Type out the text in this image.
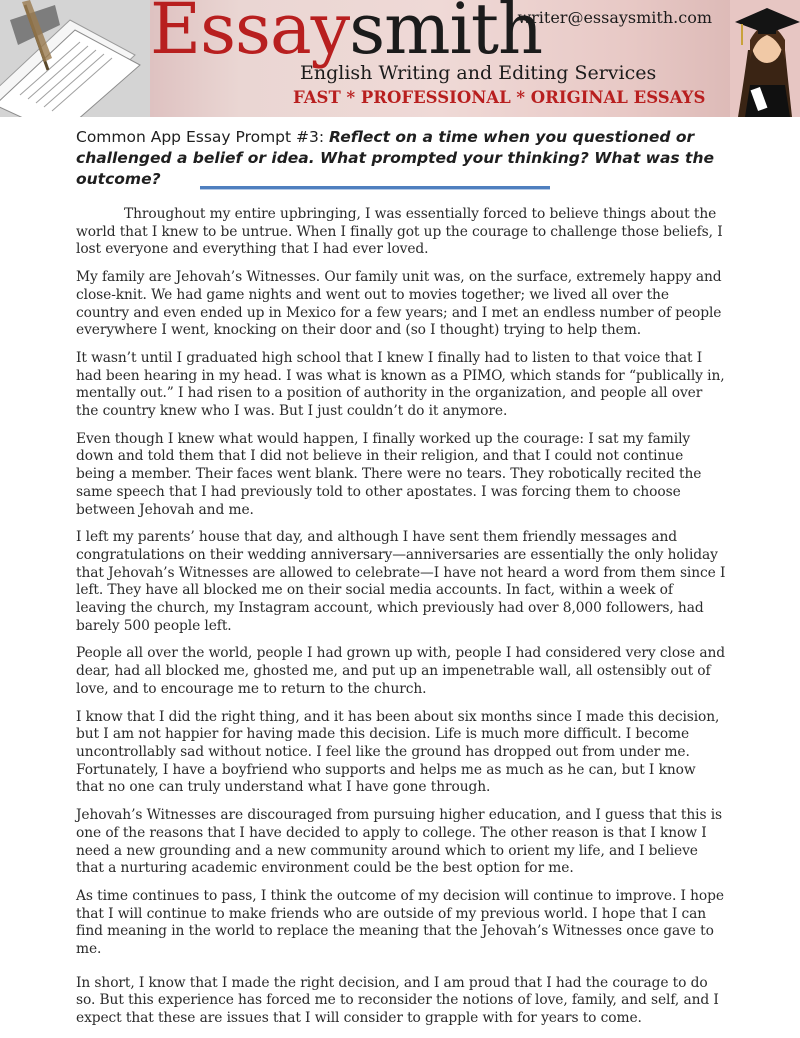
Essaysmith
writer@essaysmith.com
English Writing and Editing Services
FAST * PROFESSIONAL * ORIGINAL ESSAYS
Common App Essay Prompt #3: Reflect on a time when you questioned or challenged a belief or idea. What prompted your thinking? What was the outcome?

Throughout my entire upbringing, I was essentially forced to believe things about the world that I knew to be untrue. When I finally got up the courage to challenge those beliefs, I lost everyone and everything that I had ever loved.

My family are Jehovah’s Witnesses. Our family unit was, on the surface, extremely happy and close-knit. We had game nights and went out to movies together; we lived all over the country and even ended up in Mexico for a few years; and I met an endless number of people everywhere I went, knocking on their door and (so I thought) trying to help them.

It wasn’t until I graduated high school that I knew I finally had to listen to that voice that I had been hearing in my head. I was what is known as a PIMO, which stands for “publically in, mentally out.” I had risen to a position of authority in the organization, and people all over the country knew who I was. But I just couldn’t do it anymore.

Even though I knew what would happen, I finally worked up the courage: I sat my family down and told them that I did not believe in their religion, and that I could not continue being a member. Their faces went blank. There were no tears. They robotically recited the same speech that I had previously told to other apostates. I was forcing them to choose between Jehovah and me.

I left my parents’ house that day, and although I have sent them friendly messages and congratulations on their wedding anniversary—anniversaries are essentially the only holiday that Jehovah’s Witnesses are allowed to celebrate—I have not heard a word from them since I left. They have all blocked me on their social media accounts. In fact, within a week of leaving the church, my Instagram account, which previously had over 8,000 followers, had barely 500 people left.

People all over the world, people I had grown up with, people I had considered very close and dear, had all blocked me, ghosted me, and put up an impenetrable wall, all ostensibly out of love, and to encourage me to return to the church.

I know that I did the right thing, and it has been about six months since I made this decision, but I am not happier for having made this decision. Life is much more difficult. I become uncontrollably sad without notice. I feel like the ground has dropped out from under me. Fortunately, I have a boyfriend who supports and helps me as much as he can, but I know that no one can truly understand what I have gone through.

Jehovah’s Witnesses are discouraged from pursuing higher education, and I guess that this is one of the reasons that I have decided to apply to college. The other reason is that I know I need a new grounding and a new community around which to orient my life, and I believe that a nurturing academic environment could be the best option for me.

As time continues to pass, I think the outcome of my decision will continue to improve. I hope that I will continue to make friends who are outside of my previous world. I hope that I can find meaning in the world to replace the meaning that the Jehovah’s Witnesses once gave to me.

In short, I know that I made the right decision, and I am proud that I had the courage to do so. But this experience has forced me to reconsider the notions of love, family, and self, and I expect that these are issues that I will consider to grapple with for years to come.
